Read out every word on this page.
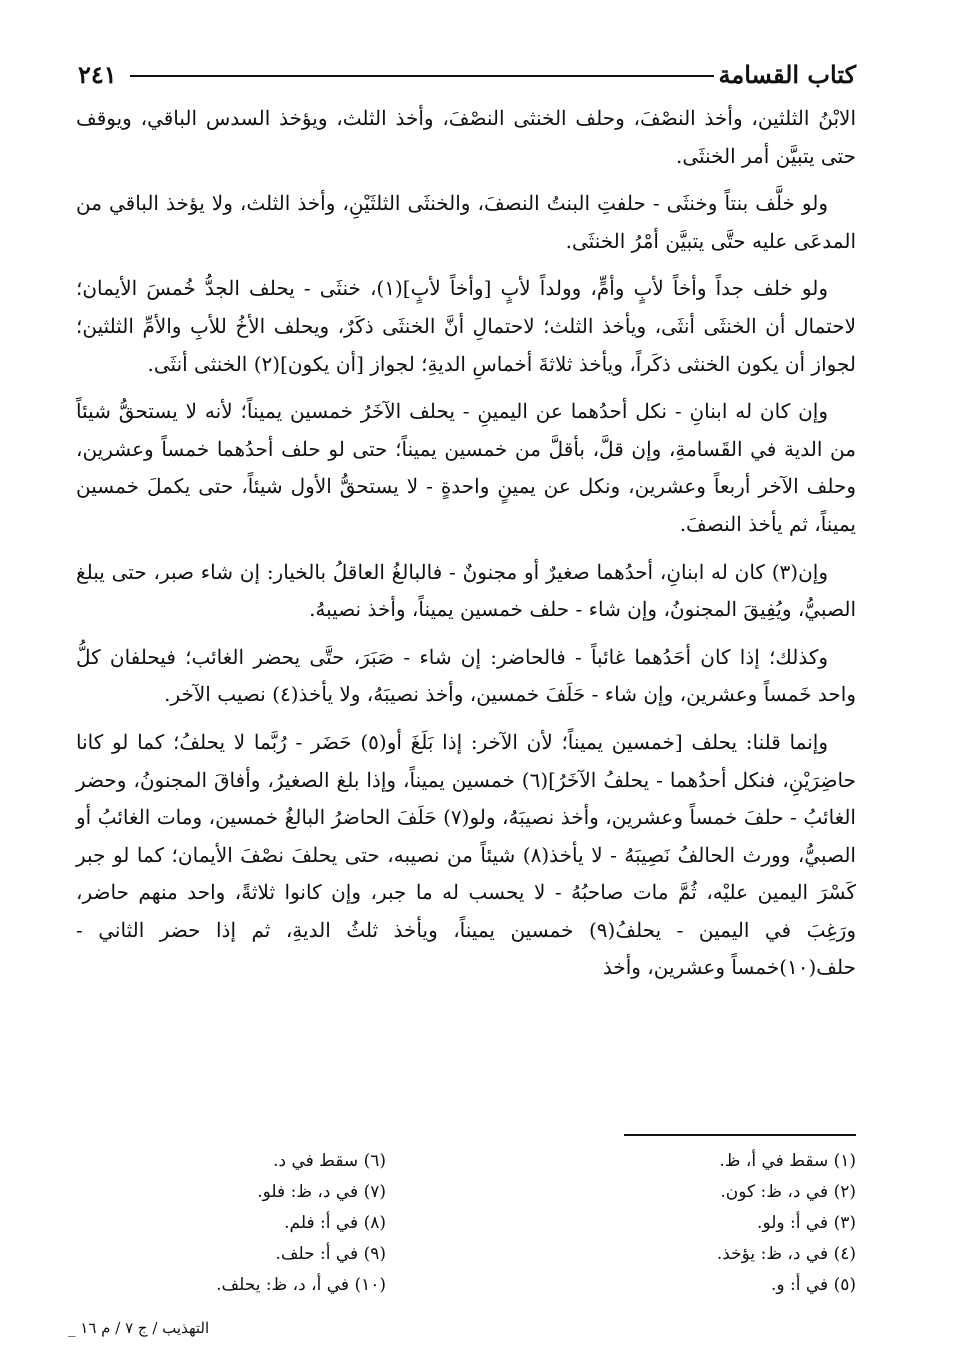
كتاب القسامة
٢٤١

الابْنُ الثلثين، وأخذ النصْفَ، وحلف الخنثى النصْفَ، وأخذ الثلث، ويؤخذ السدس الباقي، ويوقف حتى يتبيَّن أمر الخنثَى.

ولو خلَّف بنتاً وخنثَى - حلفتِ البنتُ النصفَ، والخنثَى الثلثَيْنِ، وأخذ الثلث، ولا يؤخذ الباقي من المدعَى عليه حتَّى يتبيَّن أمْرُ الخنثَى.

ولو خلف جداً وأخاً لأبٍ وأمٍّ، وولداً لأبٍ [وأخاً لأبٍ](١)، خنثَى - يحلف الجدُّ خُمسَ الأيمان؛ لاحتمال أن الخنثَى أنثَى، ويأخذ الثلث؛ لاحتمالِ أنَّ الخنثَى ذكَرٌ، ويحلف الأخُ للأبِ والأمِّ الثلثين؛ لجواز أن يكون الخنثى ذكَراً، ويأخذ ثلاثةَ أخماسِ الديةِ؛ لجواز [أن يكون](٢) الخنثى أنثَى.

وإن كان له ابنانِ - نكل أحدُهما عن اليمينِ - يحلف الآخَرُ خمسين يميناً؛ لأنه لا يستحقُّ شيئاً من الدية في القَسامةِ، وإن قلَّ، بأقلَّ من خمسين يميناً؛ حتى لو حلف أحدُهما خمساً وعشرين، وحلف الآخر أربعاً وعشرين، ونكل عن يمينٍ واحدةٍ - لا يستحقُّ الأول شيئاً، حتى يكملَ خمسين يميناً، ثم يأخذ النصفَ.

وإن(٣) كان له ابنانِ، أحدُهما صغيرٌ أو مجنونٌ - فالبالغُ العاقلُ بالخيار: إن شاء صبر، حتى يبلغ الصبيُّ، ويُفِيقَ المجنونُ، وإن شاء - حلف خمسين يميناً، وأخذ نصيبهُ.

وكذلك؛ إذا كان أحَدُهما غائباً - فالحاضر: إن شاء - صَبَرَ، حتَّى يحضر الغائب؛ فيحلفان كلُّ واحد خَمساً وعشرين، وإن شاء - حَلَفَ خمسين، وأخذ نصيبَهُ، ولا يأخذ(٤) نصيب الآخر.

وإنما قلنا: يحلف [خمسين يميناً؛ لأن الآخر: إذا بَلَغَ أو(٥) حَضَر - رُبَّما لا يحلفُ؛ كما لو كانا حاضِرَيْنِ، فنكل أحدُهما - يحلفُ الآخَرُ](٦) خمسين يميناً، وإذا بلغ الصغيرُ، وأفاقَ المجنونُ، وحضر الغائبُ - حلفَ خمساً وعشرين، وأخذ نصيبَهُ، ولو(٧) حَلَفَ الحاضرُ البالغُ خمسين، ومات الغائبُ أو الصبيُّ، وورث الحالفُ نَصِيبَهُ - لا يأخذ(٨) شيئاً من نصيبه، حتى يحلفَ نصْفَ الأيمان؛ كما لو جبر كَسْرَ اليمين عليْه، ثُمَّ مات صاحبُهُ - لا يحسب له ما جبر، وإن كانوا ثلاثةً، واحد منهم حاضر، ورَغِبَ في اليمين - يحلفُ(٩) خمسين يميناً، ويأخذ ثلثُ الديةِ، ثم إذا حضر الثاني - حلف(١٠)خمساً وعشرين، وأخذ

(١) سقط في أ، ظ.
(٢) في د، ظ: كون.
(٣) في أ: ولو.
(٤) في د، ظ: يؤخذ.
(٥) في أ: و.
(٦) سقط في د.
(٧) في د، ظ: فلو.
(٨) في أ: فلم.
(٩) في أ: حلف.
(١٠) في أ، د، ظ: يحلف.
التهذيب / ج ٧ / م ١٦ _
